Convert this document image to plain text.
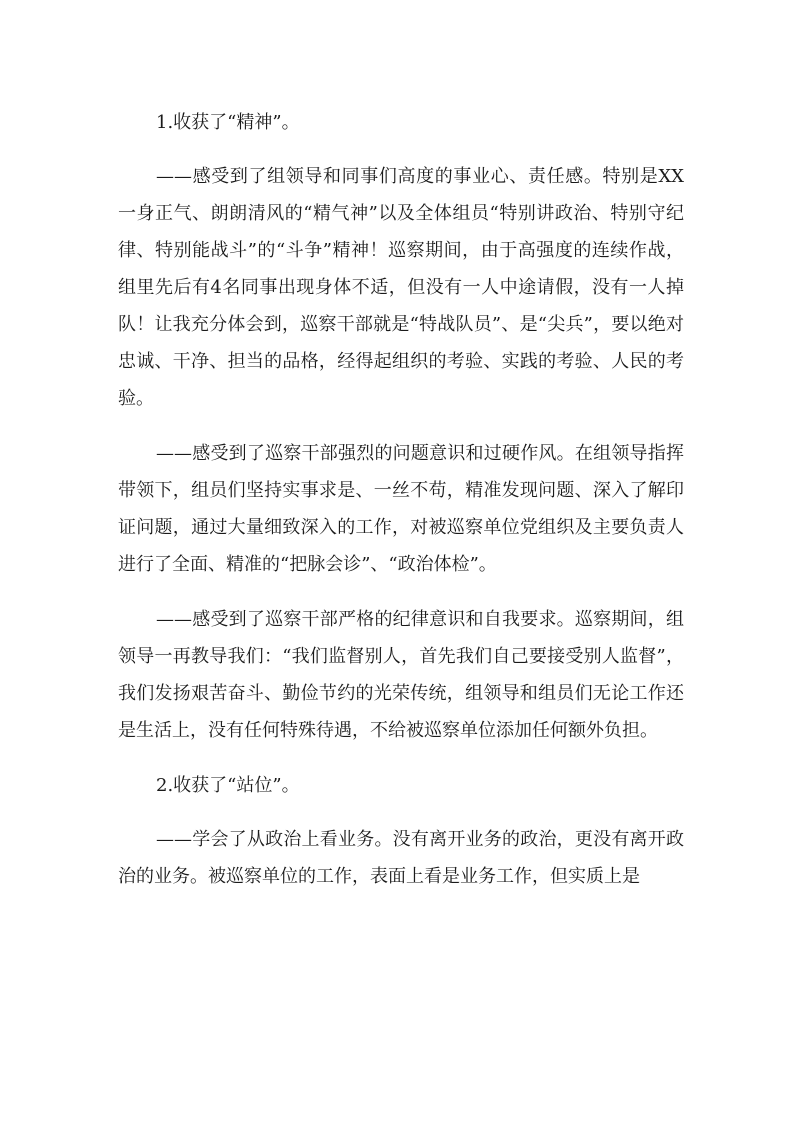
1.收获了“精神”。

——感受到了组领导和同事们高度的事业心、责任感。特别是XX一身正气、朗朗清风的“精气神”以及全体组员“特别讲政治、特别守纪律、特别能战斗”的“斗争”精神！巡察期间，由于高强度的连续作战，组里先后有4名同事出现身体不适，但没有一人中途请假，没有一人掉队！让我充分体会到，巡察干部就是“特战队员”、是“尖兵”，要以绝对忠诚、干净、担当的品格，经得起组织的考验、实践的考验、人民的考验。

——感受到了巡察干部强烈的问题意识和过硬作风。在组领导指挥带领下，组员们坚持实事求是、一丝不苟，精准发现问题、深入了解印证问题，通过大量细致深入的工作，对被巡察单位党组织及主要负责人进行了全面、精准的“把脉会诊”、“政治体检”。

——感受到了巡察干部严格的纪律意识和自我要求。巡察期间，组领导一再教导我们：“我们监督别人，首先我们自己要接受别人监督”，我们发扬艰苦奋斗、勤俭节约的光荣传统，组领导和组员们无论工作还是生活上，没有任何特殊待遇，不给被巡察单位添加任何额外负担。

2.收获了“站位”。

——学会了从政治上看业务。没有离开业务的政治，更没有离开政治的业务。被巡察单位的工作，表面上看是业务工作，但实质上是
